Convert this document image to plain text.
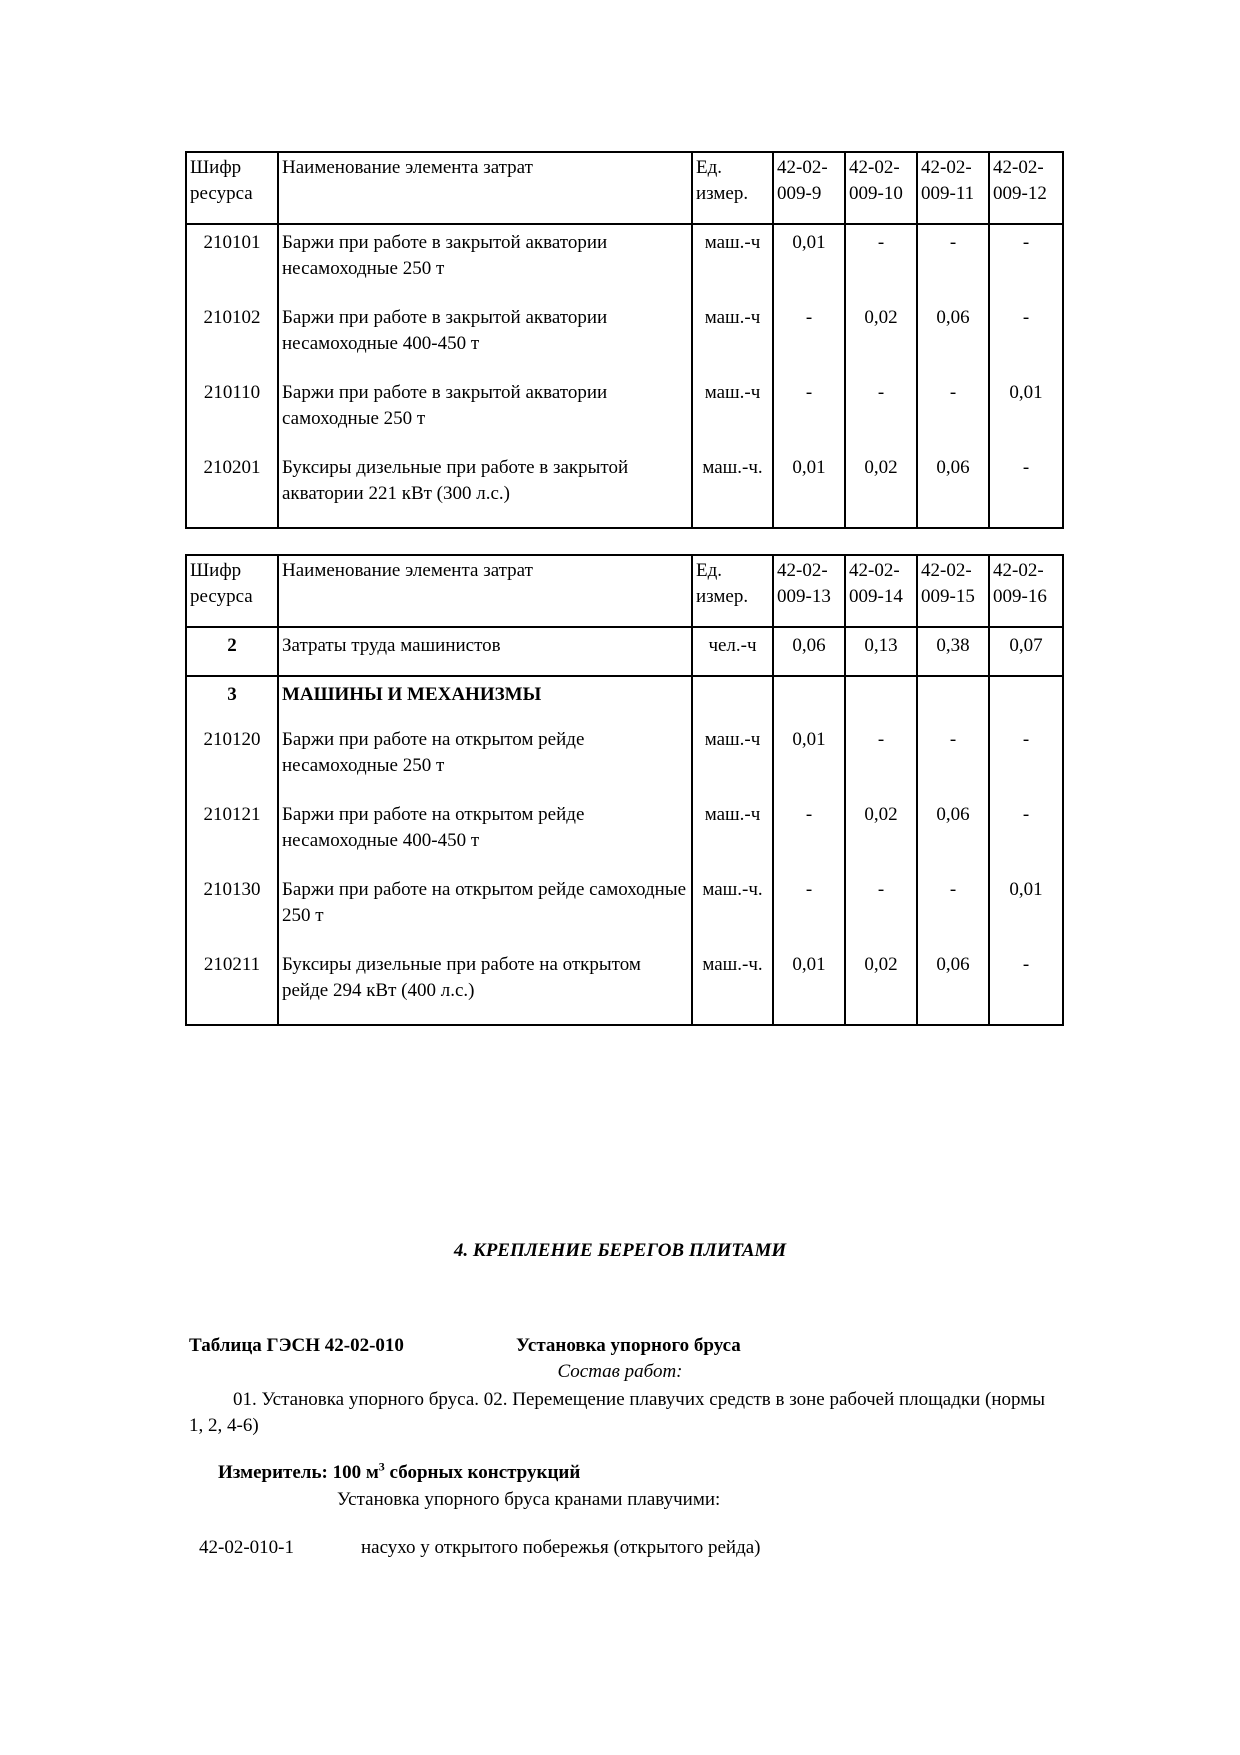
Шифр ресурса	Наименование элемента затрат	Ед. измер.	42-02-009-9	42-02-009-10	42-02-009-11	42-02-009-12
210101	Баржи при работе в закрытой акватории несамоходные 250 т	маш.-ч	0,01	-	-	-
210102	Баржи при работе в закрытой акватории несамоходные 400-450 т	маш.-ч	-	0,02	0,06	-
210110	Баржи при работе в закрытой акватории самоходные 250 т	маш.-ч	-	-	-	0,01
210201	Буксиры дизельные при работе в закрытой акватории 221 кВт (300 л.с.)	маш.-ч.	0,01	0,02	0,06	-
Шифр ресурса	Наименование элемента затрат	Ед. измер.	42-02-009-13	42-02-009-14	42-02-009-15	42-02-009-16
2	Затраты труда машинистов	чел.-ч	0,06	0,13	0,38	0,07
3	МАШИНЫ И МЕХАНИЗМЫ					
210120	Баржи при работе на открытом рейде несамоходные 250 т	маш.-ч	0,01	-	-	-
210121	Баржи при работе на открытом рейде несамоходные 400-450 т	маш.-ч	-	0,02	0,06	-
210130	Баржи при работе на открытом рейде самоходные 250 т	маш.-ч.	-	-	-	0,01
210211	Буксиры дизельные при работе на открытом рейде 294 кВт (400 л.с.)	маш.-ч.	0,01	0,02	0,06	-
4. КРЕПЛЕНИЕ БЕРЕГОВ ПЛИТАМИ
Таблица ГЭСН 42-02-010	Установка упорного бруса
Состав работ:
01. Установка упорного бруса. 02. Перемещение плавучих средств в зоне рабочей площадки (нормы 1, 2, 4-6)
Измеритель: 100 $м^3$ сборных конструкций
Установка упорного бруса кранами плавучими:
42-02-010-1	насухо у открытого побережья (открытого рейда)
